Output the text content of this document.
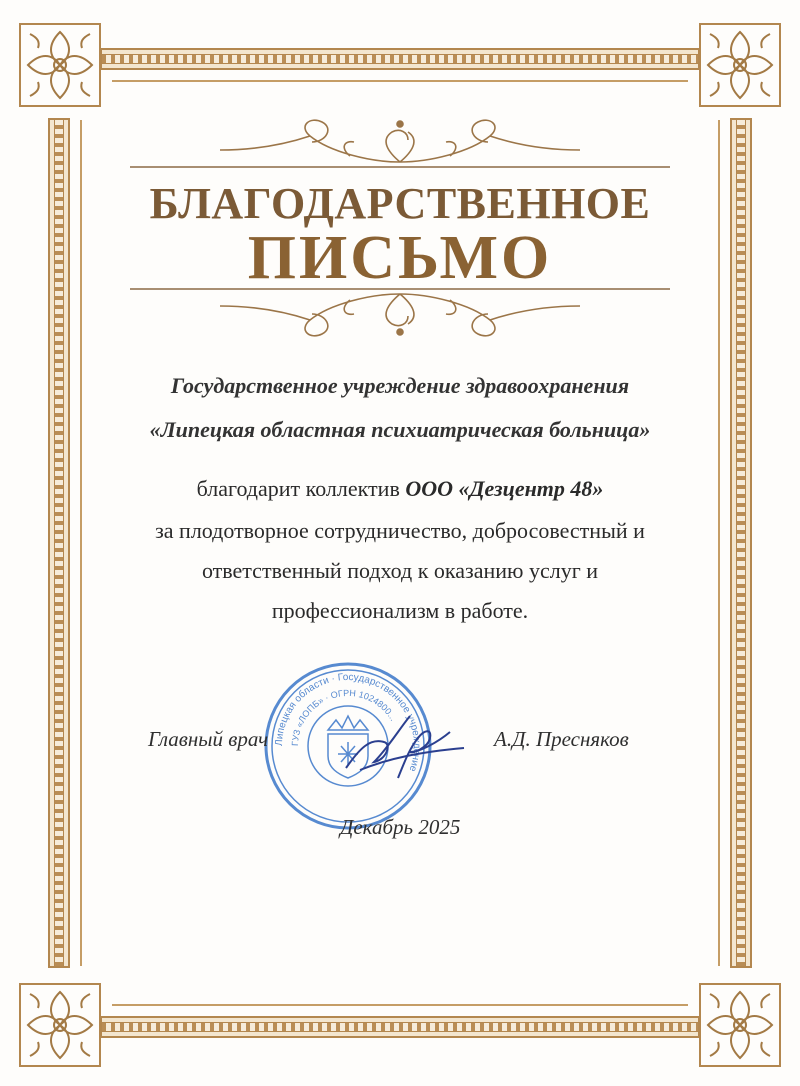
БЛАГОДАРСТВЕННОЕ
ПИСЬМО
Государственное учреждение здравоохранения
«Липецкая областная психиатрическая больница»
благодарит коллектив ООО «Дезцентр 48»
за плодотворное сотрудничество, добросовестный и
ответственный подход к оказанию услуг и
профессионализм в работе.
Липецкая области · Государственное учреждение
ГУЗ «ЛОПБ» · ОГРН 1024800...
Главный врач	А.Д. Пресняков
Декабрь 2025
